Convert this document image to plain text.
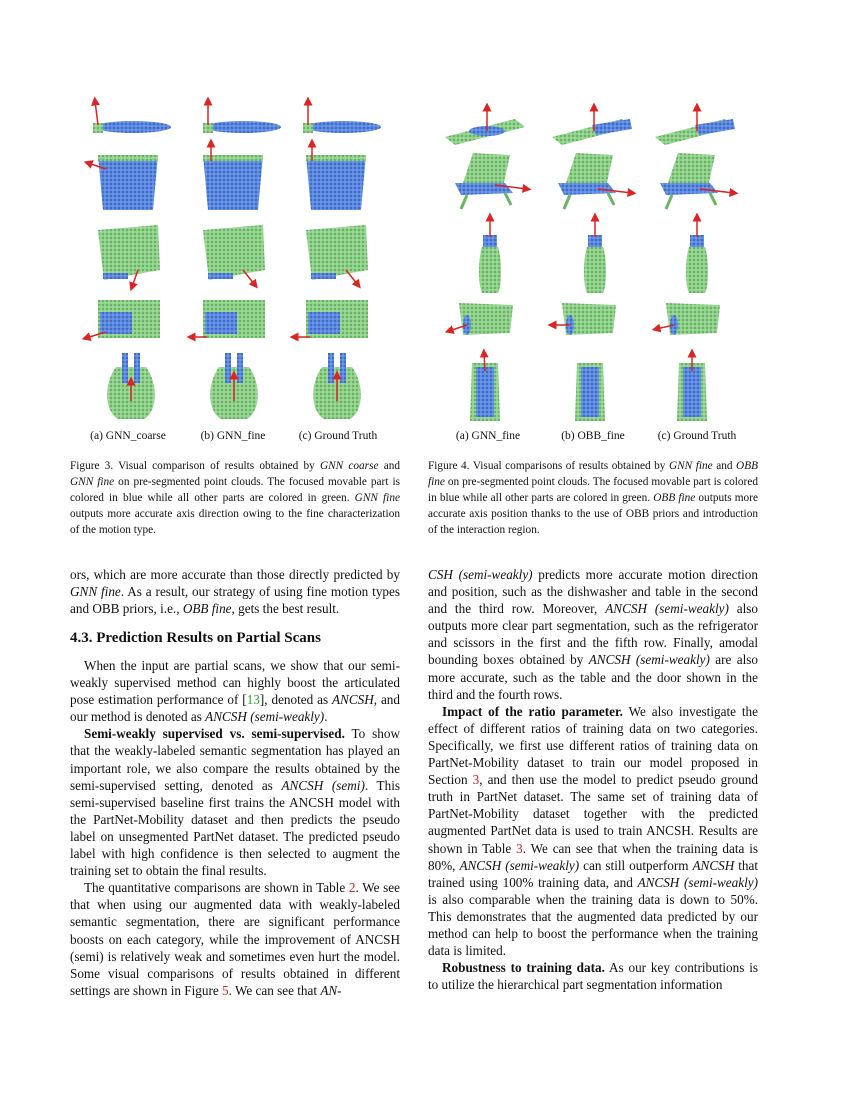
(a) GNN_coarse	(b) GNN_fine	(c) Ground Truth
Figure 3. Visual comparison of results obtained by GNN coarse and GNN fine on pre-segmented point clouds. The focused movable part is colored in blue while all other parts are colored in green. GNN fine outputs more accurate axis direction owing to the fine characterization of the motion type.
(a) GNN_fine	(b) OBB_fine	(c) Ground Truth
Figure 4. Visual comparisons of results obtained by GNN fine and OBB fine on pre-segmented point clouds. The focused movable part is colored in blue while all other parts are colored in green. OBB fine outputs more accurate axis position thanks to the use of OBB priors and introduction of the interaction region.

ors, which are more accurate than those directly predicted by GNN fine. As a result, our strategy of using fine motion types and OBB priors, i.e., OBB fine, gets the best result.

4.3. Prediction Results on Partial Scans

When the input are partial scans, we show that our semi-weakly supervised method can highly boost the articulated pose estimation performance of [13], denoted as ANCSH, and our method is denoted as ANCSH (semi-weakly).

Semi-weakly supervised vs. semi-supervised. To show that the weakly-labeled semantic segmentation has played an important role, we also compare the results obtained by the semi-supervised setting, denoted as ANCSH (semi). This semi-supervised baseline first trains the ANCSH model with the PartNet-Mobility dataset and then predicts the pseudo label on unsegmented PartNet dataset. The predicted pseudo label with high confidence is then selected to augment the training set to obtain the final results.

The quantitative comparisons are shown in Table 2. We see that when using our augmented data with weakly-labeled semantic segmentation, there are significant performance boosts on each category, while the improvement of ANCSH (semi) is relatively weak and sometimes even hurt the model. Some visual comparisons of results obtained in different settings are shown in Figure 5. We can see that AN-

CSH (semi-weakly) predicts more accurate motion direction and position, such as the dishwasher and table in the second and the third row. Moreover, ANCSH (semi-weakly) also outputs more clear part segmentation, such as the refrigerator and scissors in the first and the fifth row. Finally, amodal bounding boxes obtained by ANCSH (semi-weakly) are also more accurate, such as the table and the door shown in the third and the fourth rows.

Impact of the ratio parameter. We also investigate the effect of different ratios of training data on two categories. Specifically, we first use different ratios of training data on PartNet-Mobility dataset to train our model proposed in Section 3, and then use the model to predict pseudo ground truth in PartNet dataset. The same set of training data of PartNet-Mobility dataset together with the predicted augmented PartNet data is used to train ANCSH. Results are shown in Table 3. We can see that when the training data is 80%, ANCSH (semi-weakly) can still outperform ANCSH that trained using 100% training data, and ANCSH (semi-weakly) is also comparable when the training data is down to 50%. This demonstrates that the augmented data predicted by our method can help to boost the performance when the training data is limited.

Robustness to training data. As our key contributions is to utilize the hierarchical part segmentation information
